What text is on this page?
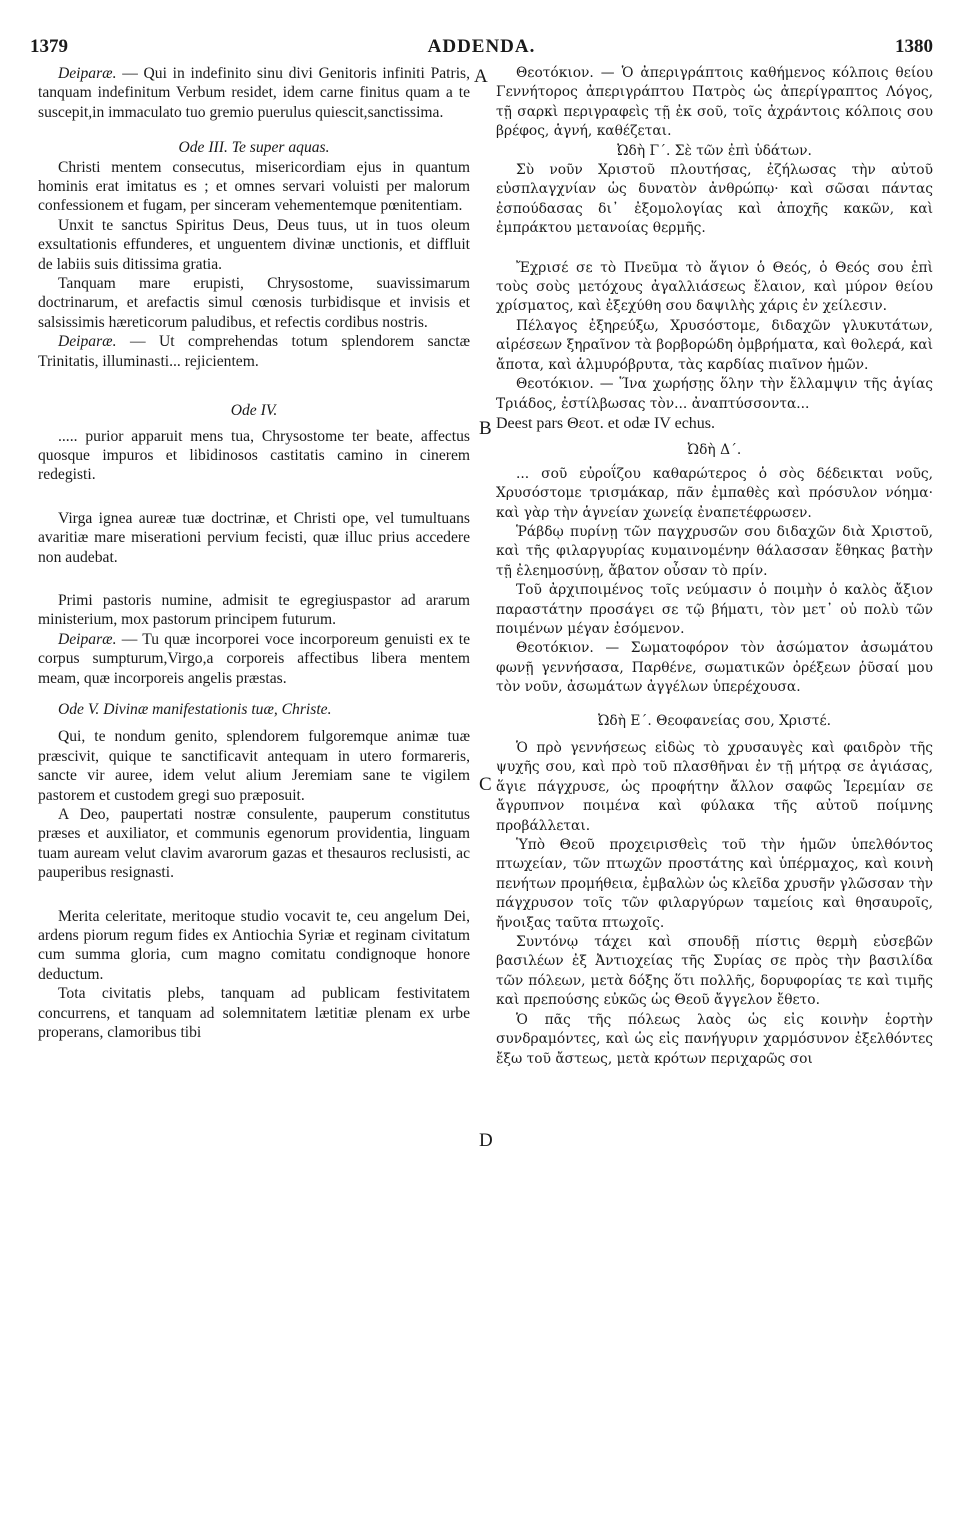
1379	ADDENDA.	1380
A
B
C
D

Deiparæ. — Qui in indefinito sinu divi Genitoris infiniti Patris, tanquam indefinitum Verbum residet, idem carne finitus quam a te suscepit,in immaculato tuo gremio puerulus quiescit,sanctissima.

Ode III. Te super aquas.

Christi mentem consecutus, misericordiam ejus in quantum hominis erat imitatus es ; et omnes servari voluisti per malorum confessionem et fugam, per sinceram vehementemque pœnitentiam.

Unxit te sanctus Spiritus Deus, Deus tuus, ut in tuos oleum exsultationis effunderes, et unguentem divinæ unctionis, et diffluit de labiis suis ditissima gratia.

Tanquam mare erupisti, Chrysostome, suavissimarum doctrinarum, et arefactis simul cœnosis turbidisque et invisis et salsissimis hæreticorum paludibus, et refectis cordibus nostris.

Deiparæ. — Ut comprehendas totum splendorem sanctæ Trinitatis, illuminasti... rejicientem.

Ode IV.

..... purior apparuit mens tua, Chrysostome ter beate, affectus quosque impuros et libidinosos castitatis camino in cinerem redegisti.

Virga ignea aureæ tuæ doctrinæ, et Christi ope, vel tumultuans avaritiæ mare miserationi pervium fecisti, quæ illuc prius accedere non audebat.

Primi pastoris numine, admisit te egregiuspastor ad ararum ministerium, mox pastorum principem futurum.

Deiparæ. — Tu quæ incorporei voce incorporeum genuisti ex te corpus sumpturum,Virgo,a corporeis affectibus libera mentem meam, quæ incorporeis angelis præstas.

Ode V. Divinæ manifestationis tuæ, Christe.

Qui, te nondum genito, splendorem fulgoremque animæ tuæ præscivit, quique te sanctificavit antequam in utero formareris, sancte vir auree, idem velut alium Jeremiam sane te vigilem pastorem et custodem gregi suo præposuit.

A Deo, paupertati nostræ consulente, pauperum constitutus præses et auxiliator, et communis egenorum providentia, linguam tuam auream velut clavim avarorum gazas et thesauros reclusisti, ac pauperibus resignasti.

Merita celeritate, meritoque studio vocavit te, ceu angelum Dei, ardens piorum regum fides ex Antiochia Syriæ et reginam civitatum cum summa gloria, cum magno comitatu condignoque honore deductum.

Tota civitatis plebs, tanquam ad publicam festivitatem concurrens, et tanquam ad solemnitatem lætitiæ plenam ex urbe properans, clamoribus tibi

Θεοτόκιον. — Ὁ ἀπεριγράπτοις καθήμενος κόλποις θείου Γεννήτορος ἀπεριγράπτου Πατρὸς ὡς ἀπερίγραπτος Λόγος, τῇ σαρκὶ περιγραφεὶς τῇ ἐκ σοῦ, τοῖς ἀχράντοις κόλποις σου βρέφος, ἁγνή, καθέζεται.

Ὠδὴ Γ΄. Σὲ τῶν ἐπὶ ὑδάτων.

Σὺ νοῦν Χριστοῦ πλουτήσας, ἐζήλωσας τὴν αὐτοῦ εὐσπλαγχνίαν ὡς δυνατὸν ἀνθρώπῳ· καὶ σῶσαι πάντας ἐσπούδασας δι᾽ ἐξομολογίας καὶ ἀποχῆς κακῶν, καὶ ἐμπράκτου μετανοίας θερμῆς.

Ἔχρισέ σε τὸ Πνεῦμα τὸ ἅγιον ὁ Θεός, ὁ Θεός σου ἐπὶ τοὺς σοὺς μετόχους ἀγαλλιάσεως ἔλαιον, καὶ μύρον θείου χρίσματος, καὶ ἐξεχύθη σου δαψιλὴς χάρις ἐν χείλεσιν.

Πέλαγος ἐξηρεύξω, Χρυσόστομε, διδαχῶν γλυκυτάτων, αἱρέσεων ξηραῖνον τὰ βορβορώδη ὀμβρήματα, καὶ θολερά, καὶ ἄποτα, καὶ ἁλμυρόβρυτα, τὰς καρδίας πιαῖνον ἡμῶν.

Θεοτόκιον. — Ἵνα χωρήσῃς ὅλην τὴν ἔλλαμψιν τῆς ἁγίας Τριάδος, ἐστίλβωσας τὸν... ἀναπτύσσοντα...

Deest pars Θεοτ. et odæ IV echus.

Ὠδὴ Δ΄.

... σοῦ εὐροΐζου καθαρώτερος ὁ σὸς δέδεικται νοῦς, Χρυσόστομε τρισμάκαρ, πᾶν ἐμπαθὲς καὶ πρόσυλον νόημα· καὶ γὰρ τὴν ἁγνείαν χωνείᾳ ἐναπετέφρωσεν.

Ῥάβδῳ πυρίνῃ τῶν παγχρυσῶν σου διδαχῶν διὰ Χριστοῦ, καὶ τῆς φιλαργυρίας κυμαινομένην θάλασσαν ἔθηκας βατὴν τῇ ἐλεημοσύνῃ, ἄβατον οὖσαν τὸ πρίν.

Τοῦ ἀρχιποιμένος τοῖς νεύμασιν ὁ ποιμὴν ὁ καλὸς ἄξιον παραστάτην προσάγει σε τῷ βήματι, τὸν μετ᾽ οὐ πολὺ τῶν ποιμένων μέγαν ἐσόμενον.

Θεοτόκιον. — Σωματοφόρον τὸν ἀσώματον ἀσωμάτου φωνῇ γεννήσασα, Παρθένε, σωματικῶν ὀρέξεων ῥῦσαί μου τὸν νοῦν, ἀσωμάτων ἀγγέλων ὑπερέχουσα.

Ὠδὴ Ε΄. Θεοφανείας σου, Χριστέ.

Ὁ πρὸ γεννήσεως εἰδὼς τὸ χρυσαυγὲς καὶ φαιδρὸν τῆς ψυχῆς σου, καὶ πρὸ τοῦ πλασθῆναι ἐν τῇ μήτρᾳ σε ἁγιάσας, ἅγιε πάγχρυσε, ὡς προφήτην ἄλλον σαφῶς Ἱερεμίαν σε ἄγρυπνον ποιμένα καὶ φύλακα τῆς αὐτοῦ ποίμνης προβάλλεται.

Ὑπὸ Θεοῦ προχειρισθεὶς τοῦ τὴν ἡμῶν ὑπελθόντος πτωχείαν, τῶν πτωχῶν προστάτης καὶ ὑπέρμαχος, καὶ κοινὴ πενήτων προμήθεια, ἐμβαλὼν ὡς κλεῖδα χρυσῆν γλῶσσαν τὴν πάγχρυσον τοῖς τῶν φιλαργύρων ταμείοις καὶ θησαυροῖς, ἤνοιξας ταῦτα πτωχοῖς.

Συντόνῳ τάχει καὶ σπουδῇ πίστις θερμὴ εὐσεβῶν βασιλέων ἐξ Ἀντιοχείας τῆς Συρίας σε πρὸς τὴν βασιλίδα τῶν πόλεων, μετὰ δόξης ὅτι πολλῆς, δορυφορίας τε καὶ τιμῆς καὶ πρεπούσης εὐκῶς ὡς Θεοῦ ἄγγελον ἔθετο.

Ὁ πᾶς τῆς πόλεως λαὸς ὡς εἰς κοινὴν ἑορτὴν συνδραμόντες, καὶ ὡς εἰς πανήγυριν χαρμόσυνον ἐξελθόντες ἔξω τοῦ ἄστεως, μετὰ κρότων περιχαρῶς σοι
